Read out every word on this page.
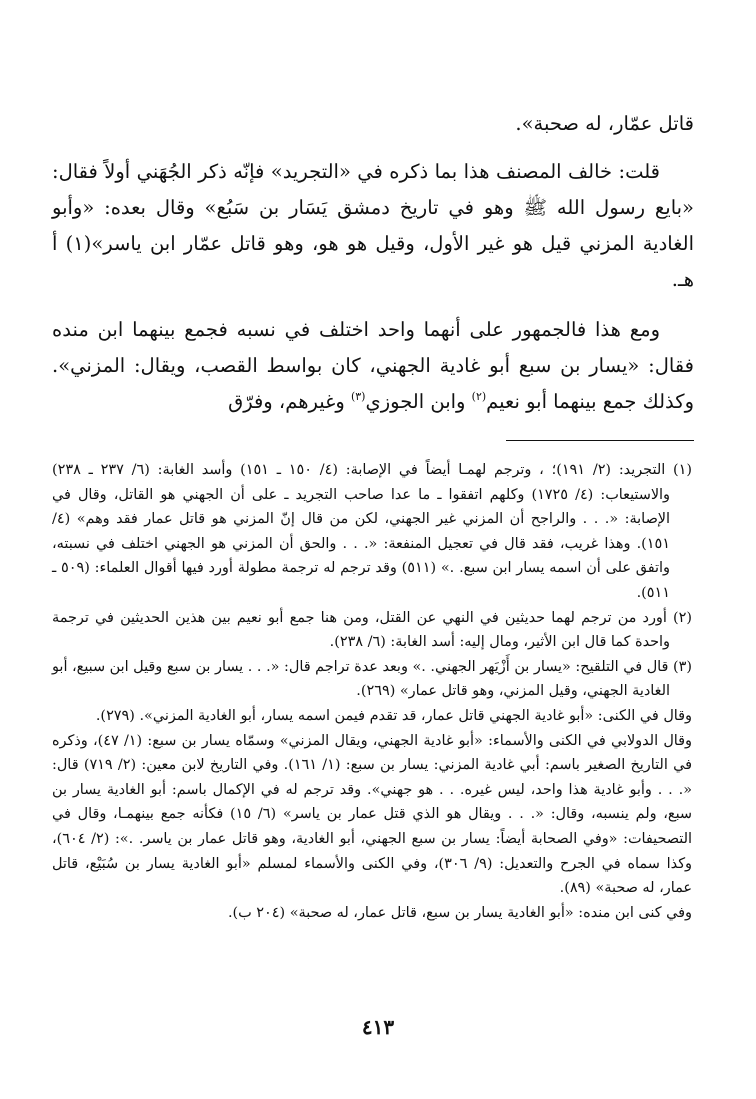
قاتل عمّار، له صحبة».

قلت: خالف المصنف هذا بما ذكره في «التجريد» فإنّه ذكر الجُهَني أولاً فقال: «بايع رسول الله ﷺ وهو في تاريخ دمشق يَسَار بن سَبُع» وقال بعده: «وأبو الغادية المزني قيل هو غير الأول، وقيل هو هو، وهو قاتل عمّار ابن ياسر»(١) أ هـ.

ومع هذا فالجمهور على أنهما واحد اختلف في نسبه فجمع بينهما ابن منده فقال: «يسار بن سبع أبو غادية الجهني، كان بواسط القصب، ويقال: المزني». وكذلك جمع بينهما أبو نعيم$^{(٢)}$ وابن الجوزي$^{(٣)}$ وغيرهم، وفرّق

(١) التجريد: (٢/ ١٩١)؛ ، وترجم لهمـا أيضاً في الإصابة: (٤/ ١٥٠ ـ ١٥١) وأسد الغابة: (٦/ ٢٣٧ ـ ٢٣٨) والاستيعاب: (٤/ ١٧٢٥) وكلهم اتفقوا ـ ما عدا صاحب التجريد ـ على أن الجهني هو القاتل، وقال في الإصابة: «. . . والراجح أن المزني غير الجهني، لكن من قال إنّ المزني هو قاتل عمار فقد وهم» (٤/ ١٥١). وهذا غريب، فقد قال في تعجيل المنفعة: «. . . والحق أن المزني هو الجهني اختلف في نسبته، واتفق على أن اسمه يسار ابن سبع. .» (٥١١) وقد ترجم له ترجمة مطولة أورد فيها أقوال العلماء: (٥٠٩ ـ ٥١١).

(٢) أورد من ترجم لهما حديثين في النهي عن القتل، ومن هنا جمع أبو نعيم بين هذين الحديثين في ترجمة واحدة كما قال ابن الأثير، ومال إليه: أسد الغابة: (٦/ ٢٣٨).

(٣) قال في التلقيح: «يسار بن أَزْيَهر الجهني. .» وبعد عدة تراجم قال: «. . . يسار بن سبع وقيل ابن سبيع، أبو الغادية الجهني، وقيل المزني، وهو قاتل عمار» (٢٦٩).

وقال في الكنى: «أبو غادية الجهني قاتل عمار، قد تقدم فيمن اسمه يسار، أبو الغادية المزني». (٢٧٩).

وقال الدولابي في الكنى والأسماء: «أبو غادية الجهني، ويقال المزني» وسمّاه يسار بن سبع: (١/ ٤٧)، وذكره في التاريخ الصغير باسم: أبي غادية المزني: يسار بن سبع: (١/ ١٦١). وفي التاريخ لابن معين: (٢/ ٧١٩) قال: «. . . وأبو غادية هذا واحد، ليس غيره. . . هو جهني». وقد ترجم له في الإكمال باسم: أبو الغادية يسار بن سبع، ولم ينسبه، وقال: «. . . ويقال هو الذي قتل عمار بن ياسر» (٦/ ١٥) فكأنه جمع بينهمـا، وقال في التصحيفات: «وفي الصحابة أيضاً: يسار بن سبع الجهني، أبو الغادية، وهو قاتل عمار بن ياسر. .»: (٢/ ٦٠٤)، وكذا سماه في الجرح والتعديل: (٩/ ٣٠٦)، وفي الكنى والأسماء لمسلم «أبو الغادية يسار بن سُبَيْع، قاتل عمار، له صحبة» (٨٩).

وفي كنى ابن منده: «أبو الغادية يسار بن سبع، قاتل عمار، له صحبة» (٢٠٤ ب).

٤١٣
